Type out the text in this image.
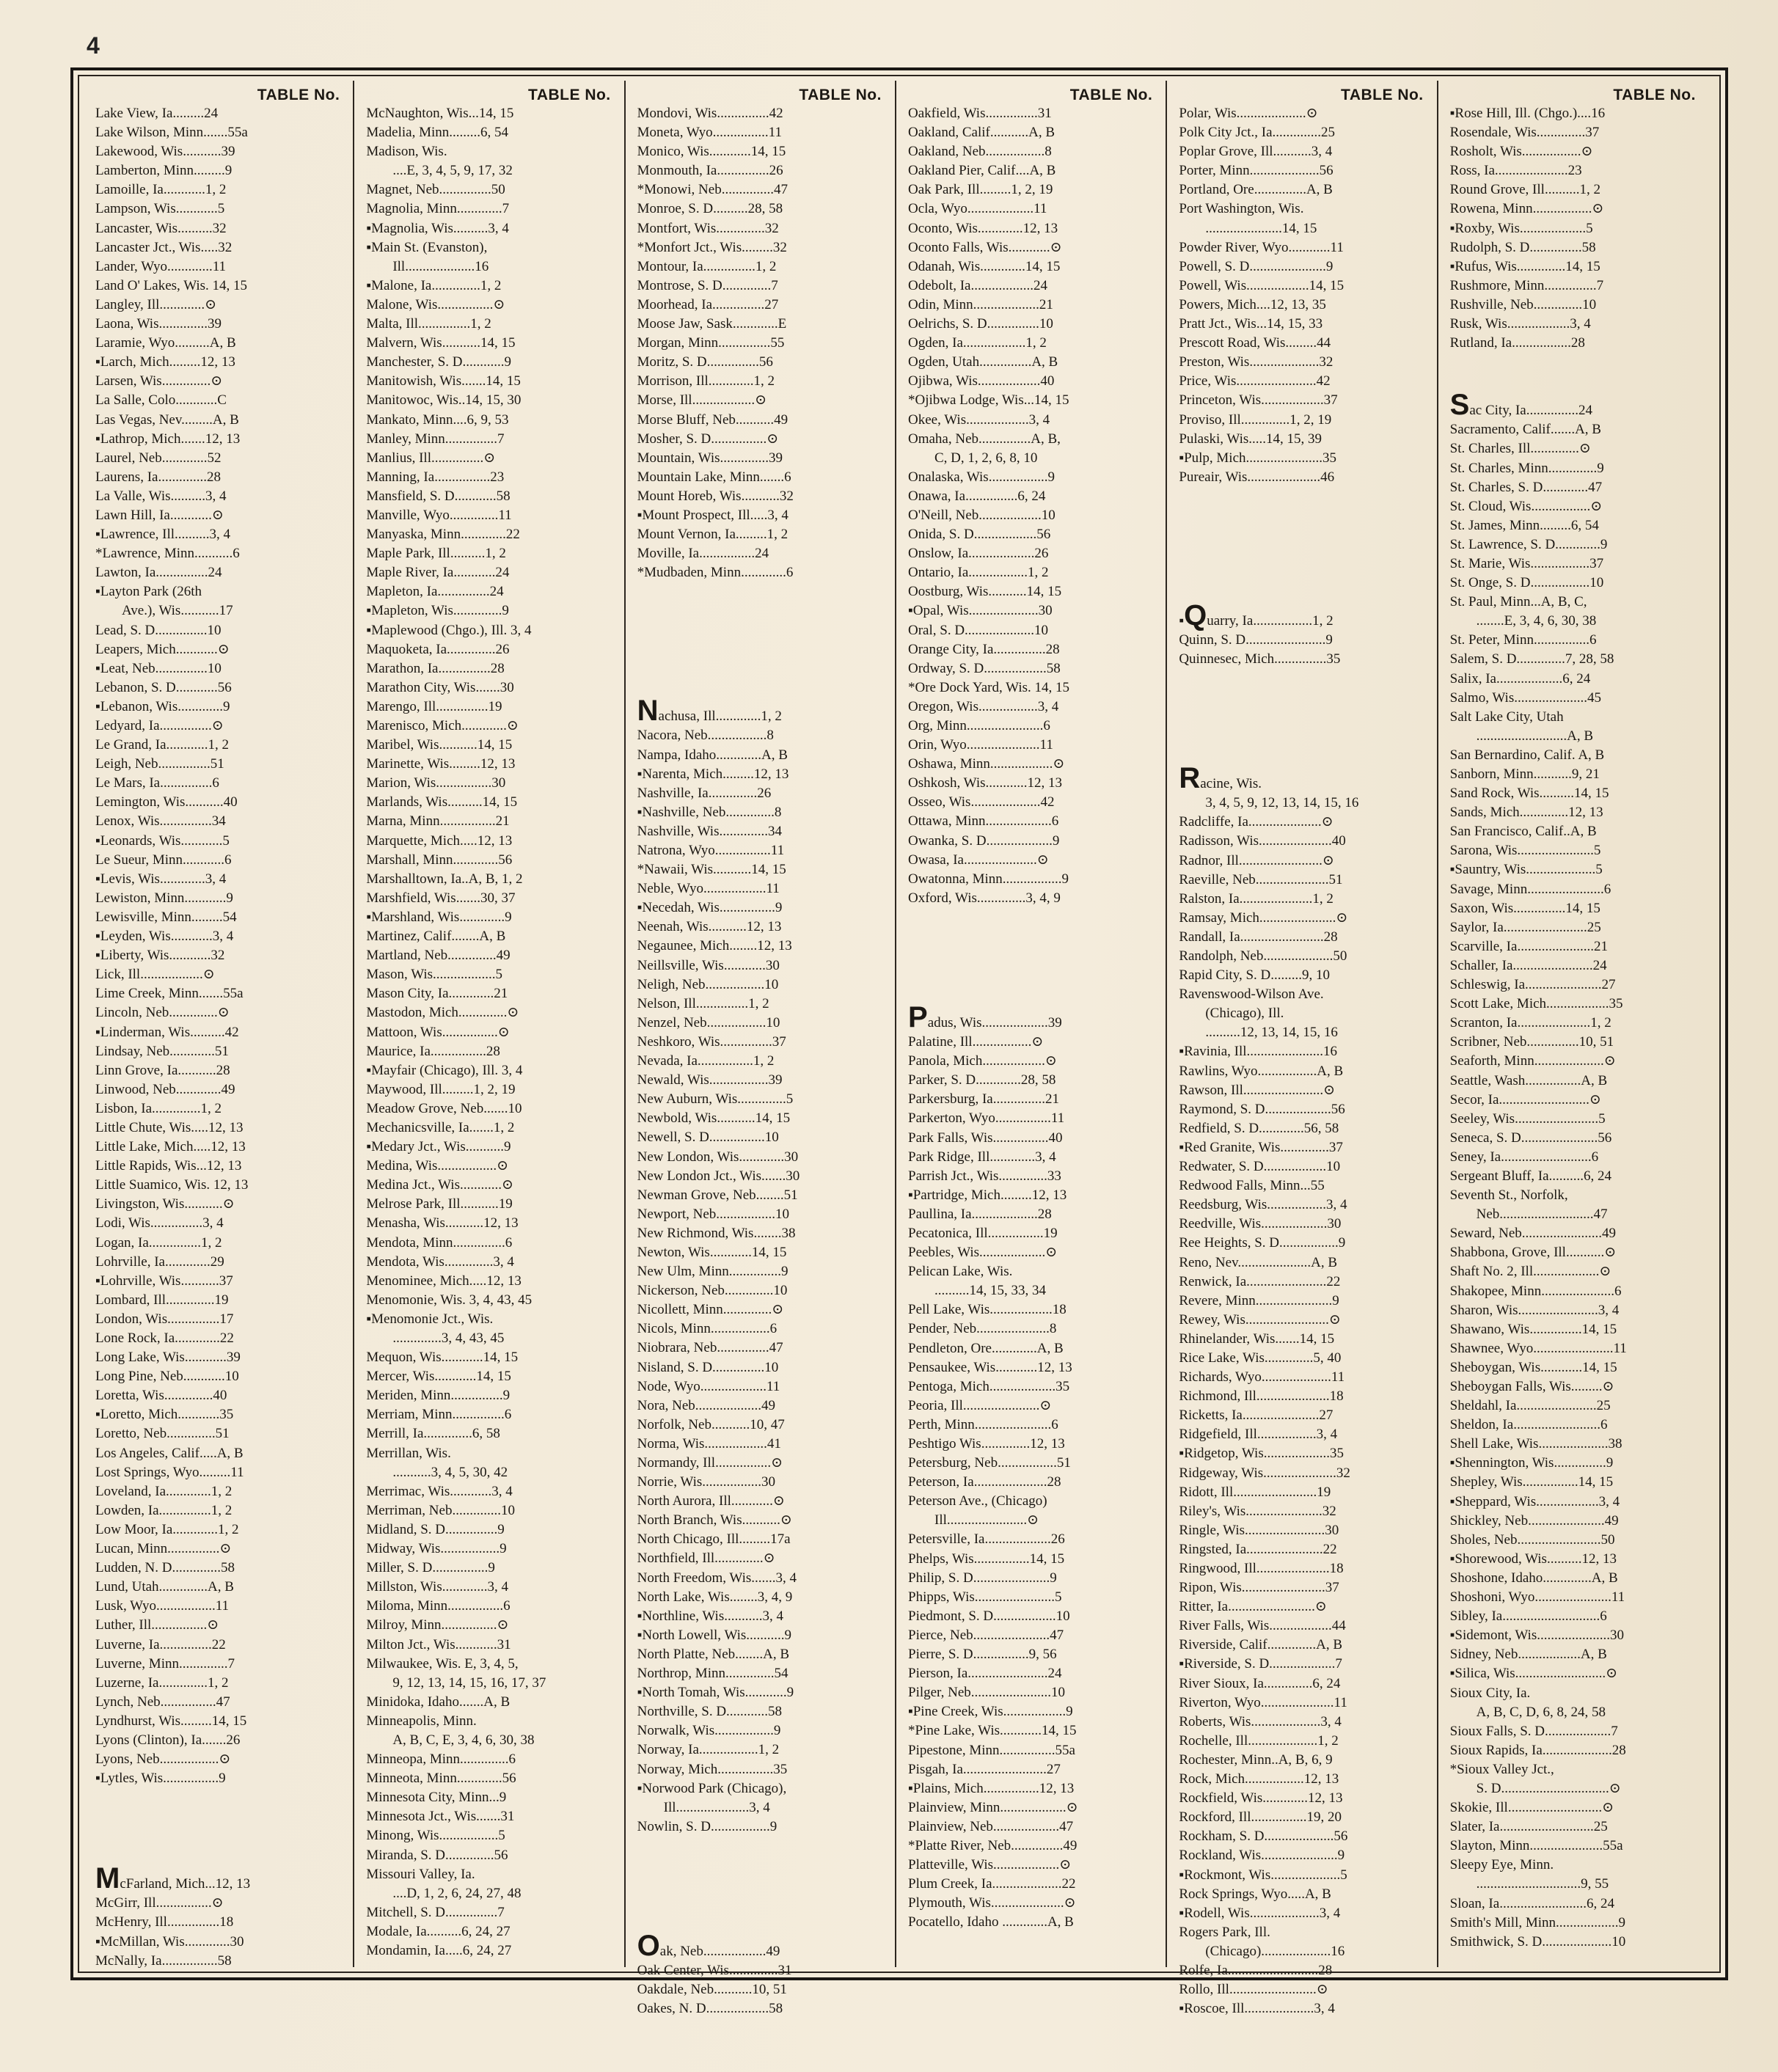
4
TABLE No.
Lake View, Ia.........24
Lake Wilson, Minn.......55a
Lakewood, Wis...........39
Lamberton, Minn.........9
Lamoille, Ia............1, 2
Lampson, Wis............5
Lancaster, Wis..........32
Lancaster Jct., Wis.....32
Lander, Wyo.............11
Land O' Lakes, Wis. 14, 15
Langley, Ill.............⊙
Laona, Wis..............39
Laramie, Wyo..........A, B
▪Larch, Mich.........12, 13
Larsen, Wis..............⊙
La Salle, Colo............C
Las Vegas, Nev.........A, B
▪Lathrop, Mich.......12, 13
Laurel, Neb.............52
Laurens, Ia..............28
La Valle, Wis..........3, 4
Lawn Hill, Ia............⊙
▪Lawrence, Ill..........3, 4
*Lawrence, Minn...........6
Lawton, Ia...............24
▪Layton Park (26th
Ave.), Wis...........17
Lead, S. D...............10
Leapers, Mich............⊙
▪Leat, Neb...............10
Lebanon, S. D............56
▪Lebanon, Wis.............9
Ledyard, Ia...............⊙
Le Grand, Ia............1, 2
Leigh, Neb...............51
Le Mars, Ia...............6
Lemington, Wis...........40
Lenox, Wis...............34
▪Leonards, Wis............5
Le Sueur, Minn............6
▪Levis, Wis.............3, 4
Lewiston, Minn............9
Lewisville, Minn.........54
▪Leyden, Wis............3, 4
▪Liberty, Wis............32
Lick, Ill..................⊙
Lime Creek, Minn.......55a
Lincoln, Neb..............⊙
▪Linderman, Wis..........42
Lindsay, Neb.............51
Linn Grove, Ia...........28
Linwood, Neb.............49
Lisbon, Ia..............1, 2
Little Chute, Wis.....12, 13
Little Lake, Mich.....12, 13
Little Rapids, Wis...12, 13
Little Suamico, Wis. 12, 13
Livingston, Wis...........⊙
Lodi, Wis...............3, 4
Logan, Ia...............1, 2
Lohrville, Ia.............29
▪Lohrville, Wis...........37
Lombard, Ill..............19
London, Wis...............17
Lone Rock, Ia.............22
Long Lake, Wis............39
Long Pine, Neb............10
Loretta, Wis..............40
▪Loretto, Mich............35
Loretto, Neb..............51
Los Angeles, Calif.....A, B
Lost Springs, Wyo.........11
Loveland, Ia.............1, 2
Lowden, Ia...............1, 2
Low Moor, Ia.............1, 2
Lucan, Minn...............⊙
Ludden, N. D..............58
Lund, Utah..............A, B
Lusk, Wyo.................11
Luther, Ill................⊙
Luverne, Ia...............22
Luverne, Minn..............7
Luzerne, Ia..............1, 2
Lynch, Neb................47
Lyndhurst, Wis.........14, 15
Lyons (Clinton), Ia.......26
Lyons, Neb.................⊙
▪Lytles, Wis................9
McFarland, Mich...12, 13
McGirr, Ill................⊙
McHenry, Ill...............18
▪McMillan, Wis.............30
McNally, Ia................58
TABLE No.
McNaughton, Wis...14, 15
Madelia, Minn.........6, 54
Madison, Wis.
....E, 3, 4, 5, 9, 17, 32
Magnet, Neb...............50
Magnolia, Minn.............7
▪Magnolia, Wis..........3, 4
▪Main St. (Evanston),
Ill....................16
▪Malone, Ia..............1, 2
Malone, Wis................⊙
Malta, Ill...............1, 2
Malvern, Wis...........14, 15
Manchester, S. D............9
Manitowish, Wis.......14, 15
Manitowoc, Wis..14, 15, 30
Mankato, Minn....6, 9, 53
Manley, Minn...............7
Manlius, Ill...............⊙
Manning, Ia................23
Mansfield, S. D............58
Manville, Wyo..............11
Manyaska, Minn.............22
Maple Park, Ill..........1, 2
Maple River, Ia............24
Mapleton, Ia...............24
▪Mapleton, Wis..............9
▪Maplewood (Chgo.), Ill. 3, 4
Maquoketa, Ia..............26
Marathon, Ia...............28
Marathon City, Wis.......30
Marengo, Ill...............19
Marenisco, Mich.............⊙
Maribel, Wis...........14, 15
Marinette, Wis.........12, 13
Marion, Wis................30
Marlands, Wis..........14, 15
Marna, Minn................21
Marquette, Mich.....12, 13
Marshall, Minn.............56
Marshalltown, Ia..A, B, 1, 2
Marshfield, Wis.......30, 37
▪Marshland, Wis.............9
Martinez, Calif........A, B
Martland, Neb..............49
Mason, Wis..................5
Mason City, Ia.............21
Mastodon, Mich..............⊙
Mattoon, Wis................⊙
Maurice, Ia................28
▪Mayfair (Chicago), Ill. 3, 4
Maywood, Ill.........1, 2, 19
Meadow Grove, Neb.......10
Mechanicsville, Ia.......1, 2
▪Medary Jct., Wis...........9
Medina, Wis.................⊙
Medina Jct., Wis............⊙
Melrose Park, Ill...........19
Menasha, Wis...........12, 13
Mendota, Minn...............6
Mendota, Wis..............3, 4
Menominee, Mich.....12, 13
Menomonie, Wis. 3, 4, 43, 45
▪Menomonie Jct., Wis.
..............3, 4, 43, 45
Mequon, Wis............14, 15
Mercer, Wis............14, 15
Meriden, Minn...............9
Merriam, Minn...............6
Merrill, Ia..............6, 58
Merrillan, Wis.
...........3, 4, 5, 30, 42
Merrimac, Wis............3, 4
Merriman, Neb..............10
Midland, S. D...............9
Midway, Wis.................9
Miller, S. D................9
Millston, Wis.............3, 4
Miloma, Minn................6
Milroy, Minn................⊙
Milton Jct., Wis............31
Milwaukee, Wis. E, 3, 4, 5,
9, 12, 13, 14, 15, 16, 17, 37
Minidoka, Idaho.......A, B
Minneapolis, Minn.
A, B, C, E, 3, 4, 6, 30, 38
Minneopa, Minn..............6
Minneota, Minn.............56
Minnesota City, Minn...9
Minnesota Jct., Wis.......31
Minong, Wis.................5
Miranda, S. D..............56
Missouri Valley, Ia.
....D, 1, 2, 6, 24, 27, 48
Mitchell, S. D...............7
Modale, Ia..........6, 24, 27
Mondamin, Ia.....6, 24, 27
TABLE No.
Mondovi, Wis...............42
Moneta, Wyo................11
Monico, Wis............14, 15
Monmouth, Ia...............26
*Monowi, Neb...............47
Monroe, S. D..........28, 58
Montfort, Wis..............32
*Monfort Jct., Wis.........32
Montour, Ia...............1, 2
Montrose, S. D..............7
Moorhead, Ia...............27
Moose Jaw, Sask.............E
Morgan, Minn...............55
Moritz, S. D...............56
Morrison, Ill.............1, 2
Morse, Ill..................⊙
Morse Bluff, Neb...........49
Mosher, S. D................⊙
Mountain, Wis..............39
Mountain Lake, Minn.......6
Mount Horeb, Wis...........32
▪Mount Prospect, Ill.....3, 4
Mount Vernon, Ia.........1, 2
Moville, Ia................24
*Mudbaden, Minn.............6
Nachusa, Ill.............1, 2
Nacora, Neb.................8
Nampa, Idaho.............A, B
▪Narenta, Mich.........12, 13
Nashville, Ia..............26
▪Nashville, Neb..............8
Nashville, Wis..............34
Natrona, Wyo................11
*Nawaii, Wis...........14, 15
Neble, Wyo..................11
▪Necedah, Wis................9
Neenah, Wis...........12, 13
Negaunee, Mich........12, 13
Neillsville, Wis............30
Neligh, Neb.................10
Nelson, Ill...............1, 2
Nenzel, Neb.................10
Neshkoro, Wis...............37
Nevada, Ia................1, 2
Newald, Wis.................39
New Auburn, Wis..............5
Newbold, Wis...........14, 15
Newell, S. D................10
New London, Wis.............30
New London Jct., Wis.......30
Newman Grove, Neb........51
Newport, Neb.................10
New Richmond, Wis........38
Newton, Wis............14, 15
New Ulm, Minn...............9
Nickerson, Neb..............10
Nicollett, Minn..............⊙
Nicols, Minn.................6
Niobrara, Neb...............47
Nisland, S. D...............10
Node, Wyo...................11
Nora, Neb...................49
Norfolk, Neb...........10, 47
Norma, Wis..................41
Normandy, Ill................⊙
Norrie, Wis.................30
North Aurora, Ill............⊙
North Branch, Wis...........⊙
North Chicago, Ill.........17a
Northfield, Ill..............⊙
North Freedom, Wis.......3, 4
North Lake, Wis........3, 4, 9
▪Northline, Wis...........3, 4
▪North Lowell, Wis...........9
North Platte, Neb........A, B
Northrop, Minn..............54
▪North Tomah, Wis............9
Northville, S. D............58
Norwalk, Wis.................9
Norway, Ia.................1, 2
Norway, Mich................35
▪Norwood Park (Chicago),
Ill.....................3, 4
Nowlin, S. D.................9
Oak, Neb..................49
Oak Center, Wis..............31
Oakdale, Neb...........10, 51
Oakes, N. D..................58
TABLE No.
Oakfield, Wis...............31
Oakland, Calif...........A, B
Oakland, Neb.................8
Oakland Pier, Calif....A, B
Oak Park, Ill.........1, 2, 19
Ocla, Wyo...................11
Oconto, Wis.............12, 13
Oconto Falls, Wis............⊙
Odanah, Wis.............14, 15
Odebolt, Ia..................24
Odin, Minn...................21
Oelrichs, S. D...............10
Ogden, Ia..................1, 2
Ogden, Utah...............A, B
Ojibwa, Wis..................40
*Ojibwa Lodge, Wis...14, 15
Okee, Wis..................3, 4
Omaha, Neb...............A, B,
C, D, 1, 2, 6, 8, 10
Onalaska, Wis.................9
Onawa, Ia...............6, 24
O'Neill, Neb..................10
Onida, S. D..................56
Onslow, Ia...................26
Ontario, Ia.................1, 2
Oostburg, Wis...........14, 15
▪Opal, Wis....................30
Oral, S. D....................10
Orange City, Ia...............28
Ordway, S. D..................58
*Ore Dock Yard, Wis. 14, 15
Oregon, Wis.................3, 4
Org, Minn......................6
Orin, Wyo.....................11
Oshawa, Minn..................⊙
Oshkosh, Wis............12, 13
Osseo, Wis....................42
Ottawa, Minn...................6
Owanka, S. D...................9
Owasa, Ia.....................⊙
Owatonna, Minn.................9
Oxford, Wis..............3, 4, 9
Padus, Wis...................39
Palatine, Ill.................⊙
Panola, Mich..................⊙
Parker, S. D.............28, 58
Parkersburg, Ia...............21
Parkerton, Wyo................11
Park Falls, Wis................40
Park Ridge, Ill.............3, 4
Parrish Jct., Wis..............33
▪Partridge, Mich.........12, 13
Paullina, Ia...................28
Pecatonica, Ill................19
Peebles, Wis...................⊙
Pelican Lake, Wis.
..........14, 15, 33, 34
Pell Lake, Wis..................18
Pender, Neb.....................8
Pendleton, Ore.............A, B
Pensaukee, Wis............12, 13
Pentoga, Mich...................35
Peoria, Ill......................⊙
Perth, Minn......................6
Peshtigo Wis..............12, 13
Petersburg, Neb.................51
Peterson, Ia.....................28
Peterson Ave., (Chicago)
Ill.......................⊙
Petersville, Ia...................26
Phelps, Wis................14, 15
Philip, S. D......................9
Phipps, Wis.......................5
Piedmont, S. D..................10
Pierce, Neb......................47
Pierre, S. D................9, 56
Pierson, Ia.......................24
Pilger, Neb.......................10
▪Pine Creek, Wis..................9
*Pine Lake, Wis............14, 15
Pipestone, Minn................55a
Pisgah, Ia........................27
▪Plains, Mich................12, 13
Plainview, Minn...................⊙
Plainview, Neb...................47
*Platte River, Neb...............49
Platteville, Wis...................⊙
Plum Creek, Ia....................22
Plymouth, Wis.....................⊙
Pocatello, Idaho .............A, B
TABLE No.
Polar, Wis....................⊙
Polk City Jct., Ia..............25
Poplar Grove, Ill...........3, 4
Porter, Minn....................56
Portland, Ore...............A, B
Port Washington, Wis.
......................14, 15
Powder River, Wyo............11
Powell, S. D......................9
Powell, Wis..................14, 15
Powers, Mich....12, 13, 35
Pratt Jct., Wis...14, 15, 33
Prescott Road, Wis.........44
Preston, Wis....................32
Price, Wis.......................42
Princeton, Wis..................37
Proviso, Ill..............1, 2, 19
Pulaski, Wis.....14, 15, 39
▪Pulp, Mich......................35
Pureair, Wis.....................46
▪Quarry, Ia.................1, 2
Quinn, S. D.......................9
Quinnesec, Mich...............35
Racine, Wis.
3, 4, 5, 9, 12, 13, 14, 15, 16
Radcliffe, Ia.....................⊙
Radisson, Wis.....................40
Radnor, Ill........................⊙
Raeville, Neb.....................51
Ralston, Ia.....................1, 2
Ramsay, Mich......................⊙
Randall, Ia........................28
Randolph, Neb....................50
Rapid City, S. D.........9, 10
Ravenswood-Wilson Ave.
(Chicago), Ill.
..........12, 13, 14, 15, 16
▪Ravinia, Ill......................16
Rawlins, Wyo.................A, B
Rawson, Ill.......................⊙
Raymond, S. D...................56
Redfield, S. D.............56, 58
▪Red Granite, Wis..............37
Redwater, S. D..................10
Redwood Falls, Minn...55
Reedsburg, Wis.................3, 4
Reedville, Wis...................30
Ree Heights, S. D.................9
Reno, Nev.....................A, B
Renwick, Ia.......................22
Revere, Minn......................9
Rewey, Wis........................⊙
Rhinelander, Wis.......14, 15
Rice Lake, Wis..............5, 40
Richards, Wyo....................11
Richmond, Ill.....................18
Ricketts, Ia......................27
Ridgefield, Ill.................3, 4
▪Ridgetop, Wis...................35
Ridgeway, Wis.....................32
Ridott, Ill........................19
Riley's, Wis......................32
Ringle, Wis.......................30
Ringsted, Ia......................22
Ringwood, Ill.....................18
Ripon, Wis........................37
Ritter, Ia.........................⊙
River Falls, Wis..................44
Riverside, Calif..............A, B
▪Riverside, S. D...................7
River Sioux, Ia..............6, 24
Riverton, Wyo.....................11
Roberts, Wis....................3, 4
Rochelle, Ill....................1, 2
Rochester, Minn..A, B, 6, 9
Rock, Mich.................12, 13
Rockfield, Wis.............12, 13
Rockford, Ill................19, 20
Rockham, S. D....................56
Rockland, Wis......................9
▪Rockmont, Wis....................5
Rock Springs, Wyo.....A, B
▪Rodell, Wis....................3, 4
Rogers Park, Ill.
(Chicago)....................16
Rolfe, Ia..........................28
Rollo, Ill.........................⊙
▪Roscoe, Ill....................3, 4
TABLE No.
▪Rose Hill, Ill. (Chgo.)....16
Rosendale, Wis..............37
Rosholt, Wis.................⊙
Ross, Ia.....................23
Round Grove, Ill..........1, 2
Rowena, Minn.................⊙
▪Roxby, Wis...................5
Rudolph, S. D...............58
▪Rufus, Wis..............14, 15
Rushmore, Minn...............7
Rushville, Neb..............10
Rusk, Wis..................3, 4
Rutland, Ia.................28
Sac City, Ia...............24
Sacramento, Calif.......A, B
St. Charles, Ill..............⊙
St. Charles, Minn..............9
St. Charles, S. D.............47
St. Cloud, Wis.................⊙
St. James, Minn.........6, 54
St. Lawrence, S. D.............9
St. Marie, Wis.................37
St. Onge, S. D.................10
St. Paul, Minn...A, B, C,
........E, 3, 4, 6, 30, 38
St. Peter, Minn................6
Salem, S. D..............7, 28, 58
Salix, Ia...................6, 24
Salmo, Wis.....................45
Salt Lake City, Utah
..........................A, B
San Bernardino, Calif. A, B
Sanborn, Minn...........9, 21
Sand Rock, Wis..........14, 15
Sands, Mich..............12, 13
San Francisco, Calif..A, B
Sarona, Wis......................5
▪Sauntry, Wis....................5
Savage, Minn......................6
Saxon, Wis...............14, 15
Saylor, Ia........................25
Scarville, Ia......................21
Schaller, Ia.......................24
Schleswig, Ia......................27
Scott Lake, Mich..................35
Scranton, Ia.....................1, 2
Scribner, Neb...............10, 51
Seaforth, Minn....................⊙
Seattle, Wash................A, B
Secor, Ia..........................⊙
Seeley, Wis........................5
Seneca, S. D......................56
Seney, Ia..........................6
Sergeant Bluff, Ia..........6, 24
Seventh St., Norfolk,
Neb...........................47
Seward, Neb.......................49
Shabbona, Grove, Ill...........⊙
Shaft No. 2, Ill...................⊙
Shakopee, Minn.....................6
Sharon, Wis.......................3, 4
Shawano, Wis...............14, 15
Shawnee, Wyo.......................11
Sheboygan, Wis............14, 15
Sheboygan Falls, Wis.........⊙
Sheldahl, Ia.......................25
Sheldon, Ia.........................6
Shell Lake, Wis....................38
▪Shennington, Wis...............9
Shepley, Wis................14, 15
▪Sheppard, Wis..................3, 4
Shickley, Neb......................49
Sholes, Neb........................50
▪Shorewood, Wis..........12, 13
Shoshone, Idaho..............A, B
Shoshoni, Wyo......................11
Sibley, Ia............................6
▪Sidemont, Wis.....................30
Sidney, Neb..................A, B
▪Silica, Wis..........................⊙
Sioux City, Ia.
A, B, C, D, 6, 8, 24, 58
Sioux Falls, S. D...................7
Sioux Rapids, Ia....................28
*Sioux Valley Jct.,
S. D...............................⊙
Skokie, Ill...........................⊙
Slater, Ia...........................25
Slayton, Minn.....................55a
Sleepy Eye, Minn.
..............................9, 55
Sloan, Ia.........................6, 24
Smith's Mill, Minn..................9
Smithwick, S. D....................10
